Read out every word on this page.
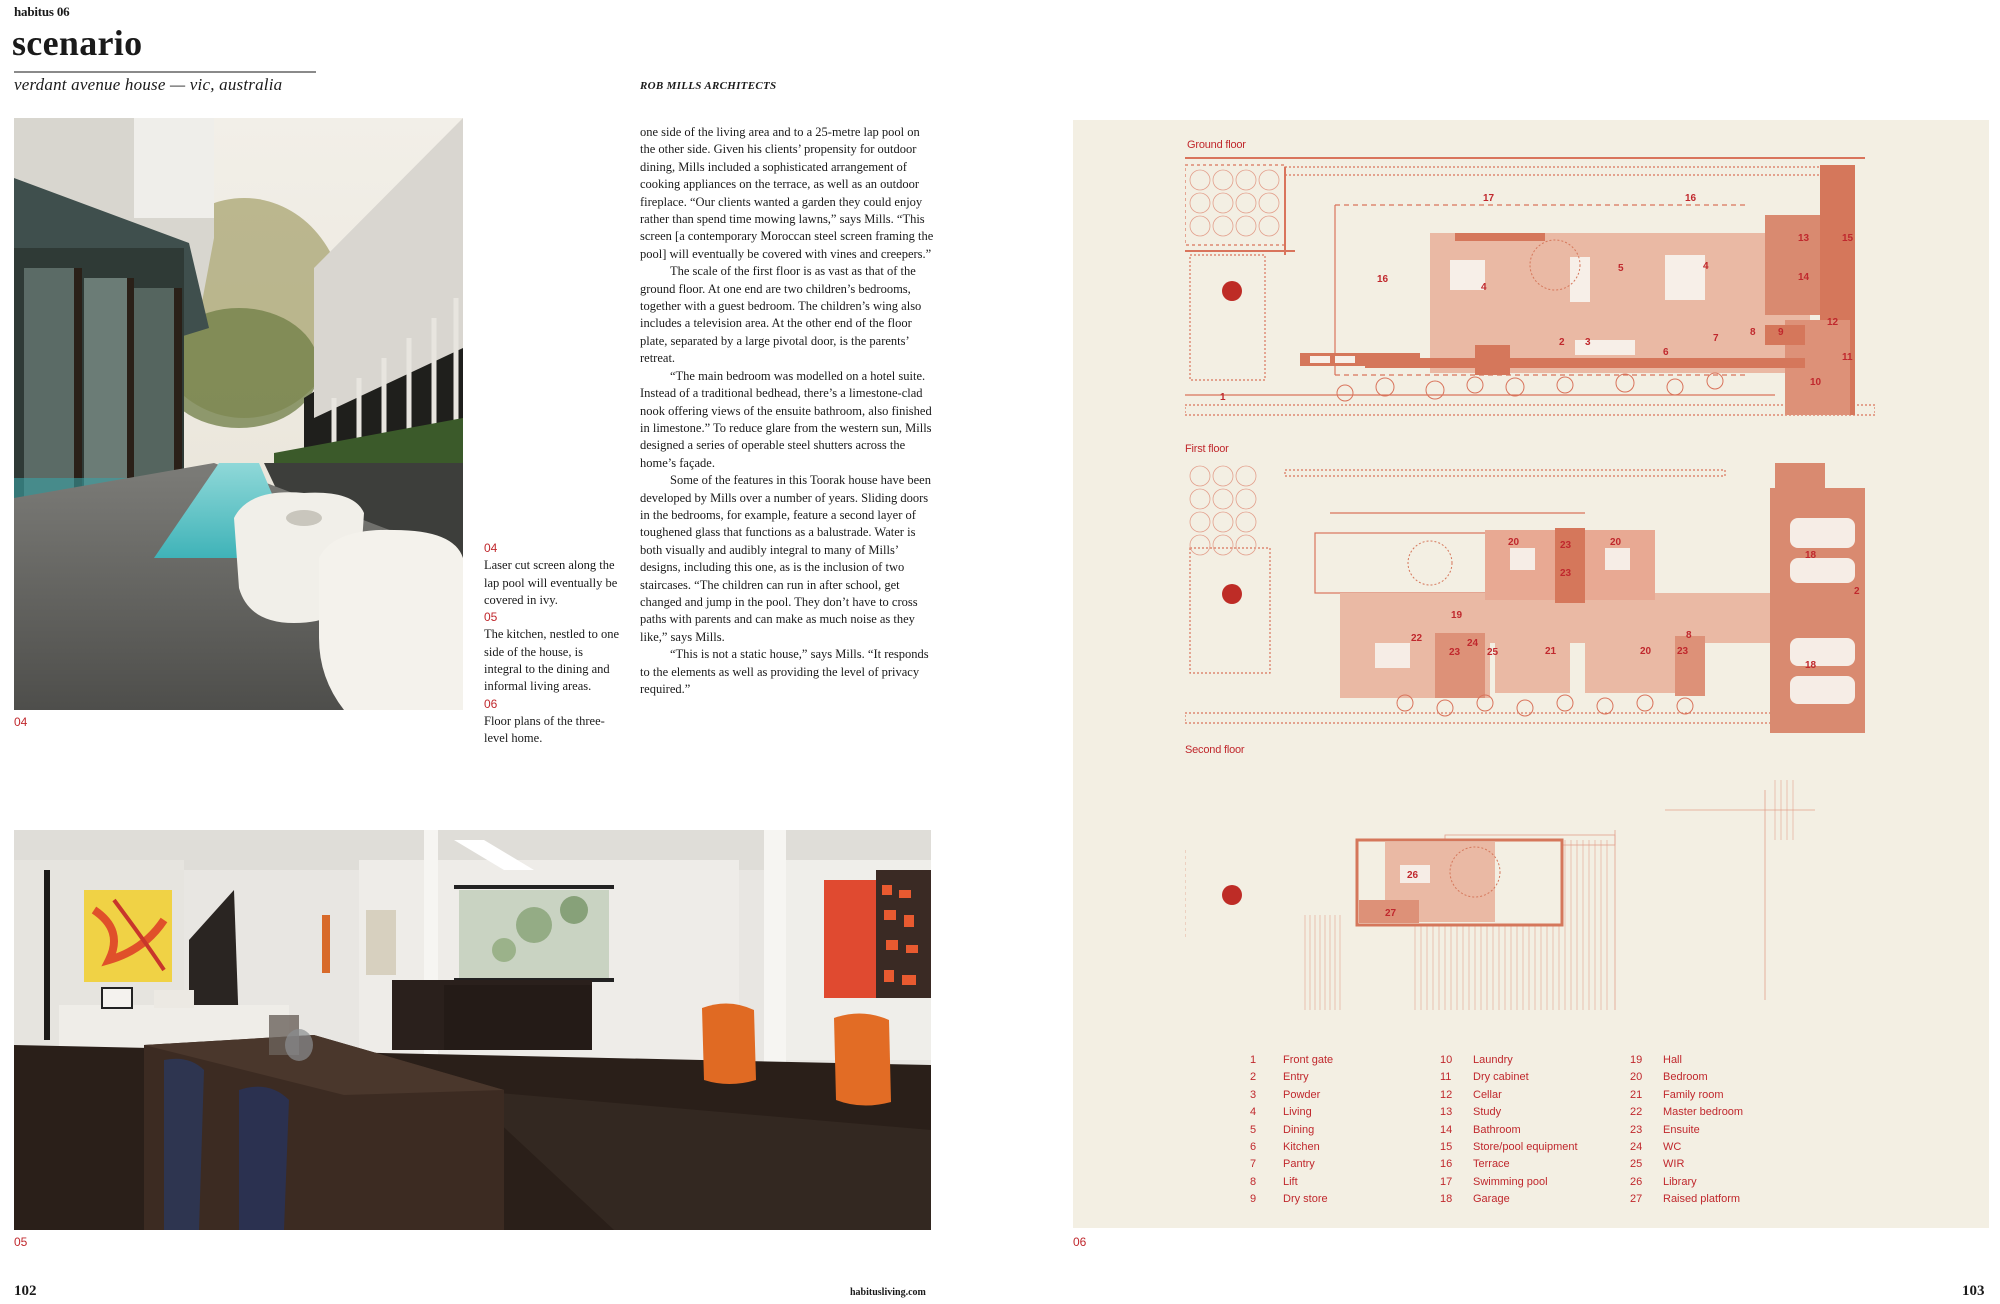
habitus 06
scenario
verdant avenue house — vic, australia	ROB MILLS ARCHITECTS
04
04
Laser cut screen along the lap pool will eventually be covered in ivy.
05
The kitchen, nestled to one side of the house, is integral to the dining and informal living areas.
06
Floor plans of the three-level home.

one side of the living area and to a 25-metre lap pool on the other side. Given his clients’ propensity for outdoor dining, Mills included a sophisticated arrangement of cooking appliances on the terrace, as well as an outdoor fireplace. “Our clients wanted a garden they could enjoy rather than spend time mowing lawns,” says Mills. “This screen [a contemporary Moroccan steel screen framing the pool] will eventually be covered with vines and creepers.”

The scale of the first floor is as vast as that of the ground floor. At one end are two children’s bedrooms, together with a guest bedroom. The children’s wing also includes a television area. At the other end of the floor plate, separated by a large pivotal door, is the parents’ retreat.

“The main bedroom was modelled on a hotel suite. Instead of a traditional bedhead, there’s a limestone-clad nook offering views of the ensuite bathroom, also finished in limestone.” To reduce glare from the western sun, Mills designed a series of operable steel shutters across the home’s façade.

Some of the features in this Toorak house have been developed by Mills over a number of years. Sliding doors in the bedrooms, for example, feature a second layer of toughened glass that functions as a balustrade. Water is both visually and audibly integral to many of Mills’ designs, including this one, as is the inclusion of two staircases. “The children can run in after school, get changed and jump in the pool. They don’t have to cross paths with parents and can make as much noise as they like,” says Mills.

“This is not a static house,” says Mills. “It responds to the elements as well as providing the level of privacy required.”

05
102	habitusliving.com
Ground floor
17	16
16
4
5	4
13	15
14
12
2 3
6
7
8 9
11
10
1
First floor
23
20	20
23
18
2
19
22
23
24
25	21	20
8
23
18
Second floor
26
27
1	Front gate
2	Entry
3	Powder
4	Living
5	Dining
6	Kitchen
7	Pantry
8	Lift
9	Dry store
10	Laundry
11	Dry cabinet
12	Cellar
13	Study
14	Bathroom
15	Store/pool equipment
16	Terrace
17	Swimming pool
18	Garage
19	Hall
20	Bedroom
21	Family room
22	Master bedroom
23	Ensuite
24	WC
25	WIR
26	Library
27	Raised platform
06
103
